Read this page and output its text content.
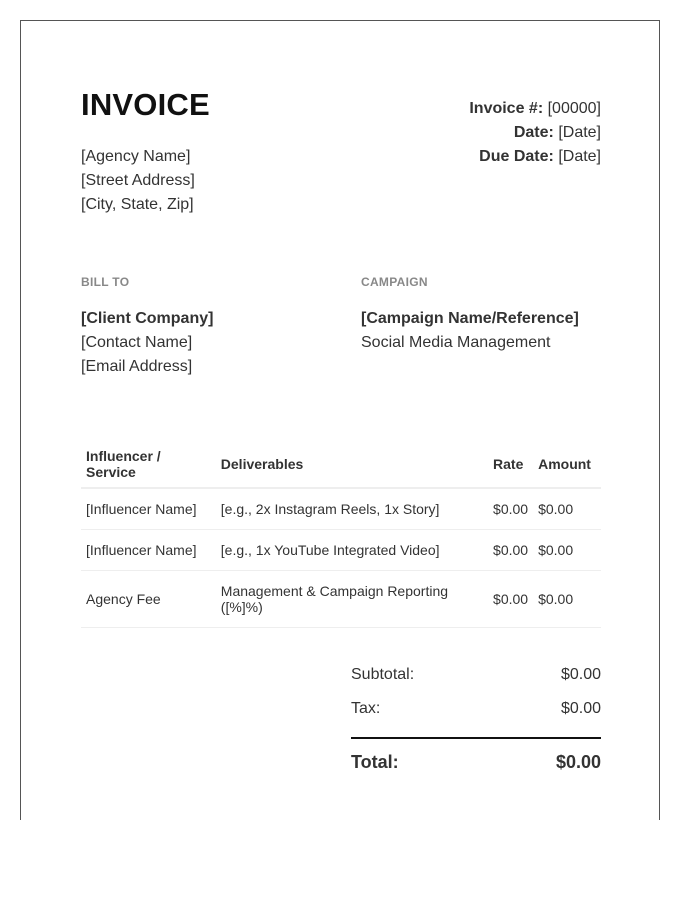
INVOICE
[Agency Name]
[Street Address]
[City, State, Zip]
Invoice #: [00000]
Date: [Date]
Due Date: [Date]
BILL TO
[Client Company]
[Contact Name]
[Email Address]
CAMPAIGN
[Campaign Name/Reference]
Social Media Management
Influencer / Service	Deliverables	Rate	Amount
[Influencer Name]	[e.g., 2x Instagram Reels, 1x Story]	$0.00	$0.00
[Influencer Name]	[e.g., 1x YouTube Integrated Video]	$0.00	$0.00
Agency Fee	Management & Campaign Reporting ([%]%)	$0.00	$0.00
Subtotal:	$0.00
Tax:	$0.00
Total:	$0.00
